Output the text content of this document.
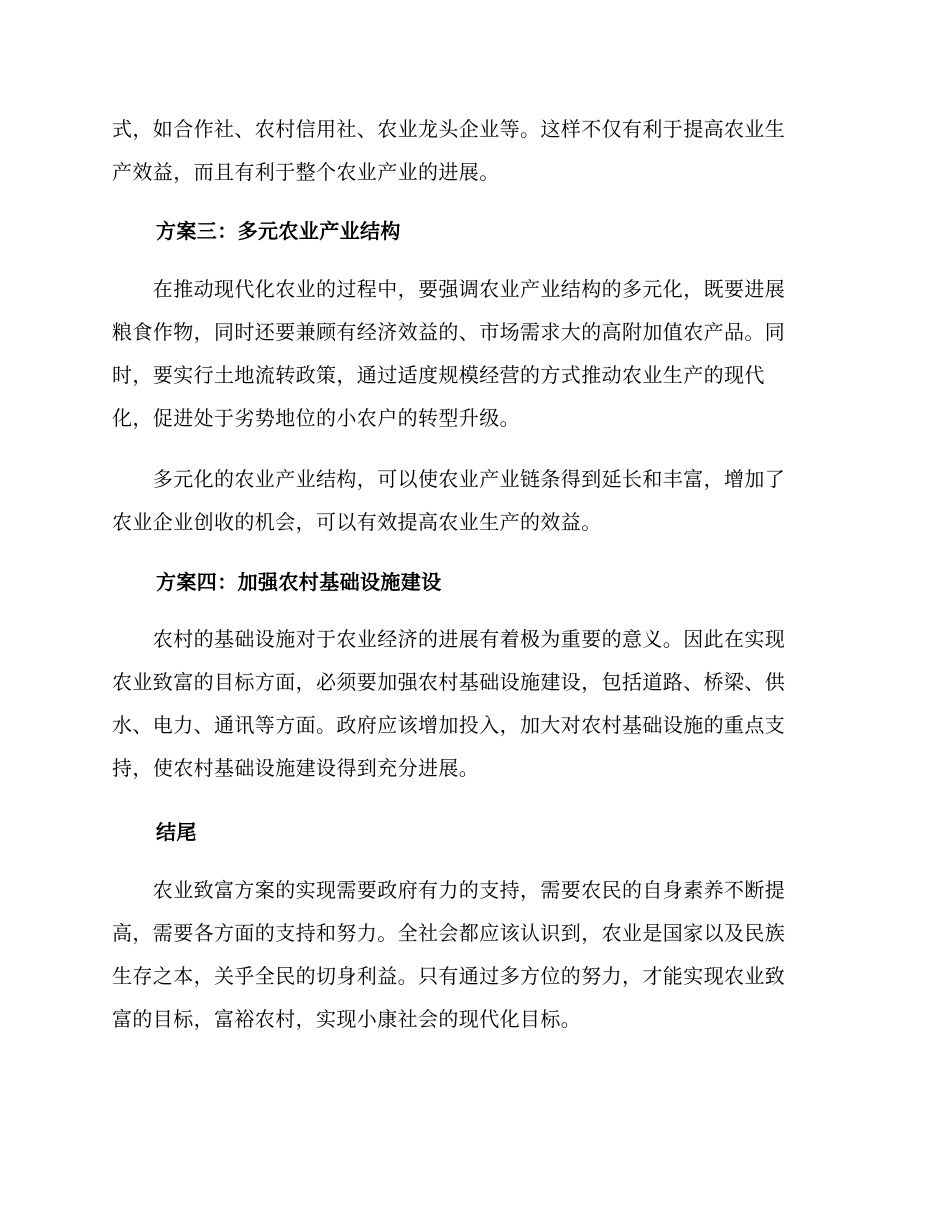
式，如合作社、农村信用社、农业龙头企业等。这样不仅有利于提高农业生
产效益，而且有利于整个农业产业的进展。
方案三：多元农业产业结构
　　在推动现代化农业的过程中，要强调农业产业结构的多元化，既要进展
粮食作物，同时还要兼顾有经济效益的、市场需求大的高附加值农产品。同
时，要实行土地流转政策，通过适度规模经营的方式推动农业生产的现代
化，促进处于劣势地位的小农户的转型升级。
　　多元化的农业产业结构，可以使农业产业链条得到延长和丰富，增加了
农业企业创收的机会，可以有效提高农业生产的效益。
方案四：加强农村基础设施建设
　　农村的基础设施对于农业经济的进展有着极为重要的意义。因此在实现
农业致富的目标方面，必须要加强农村基础设施建设，包括道路、桥梁、供
水、电力、通讯等方面。政府应该增加投入，加大对农村基础设施的重点支
持，使农村基础设施建设得到充分进展。
结尾
　　农业致富方案的实现需要政府有力的支持，需要农民的自身素养不断提
高，需要各方面的支持和努力。全社会都应该认识到，农业是国家以及民族
生存之本，关乎全民的切身利益。只有通过多方位的努力，才能实现农业致
富的目标，富裕农村，实现小康社会的现代化目标。
